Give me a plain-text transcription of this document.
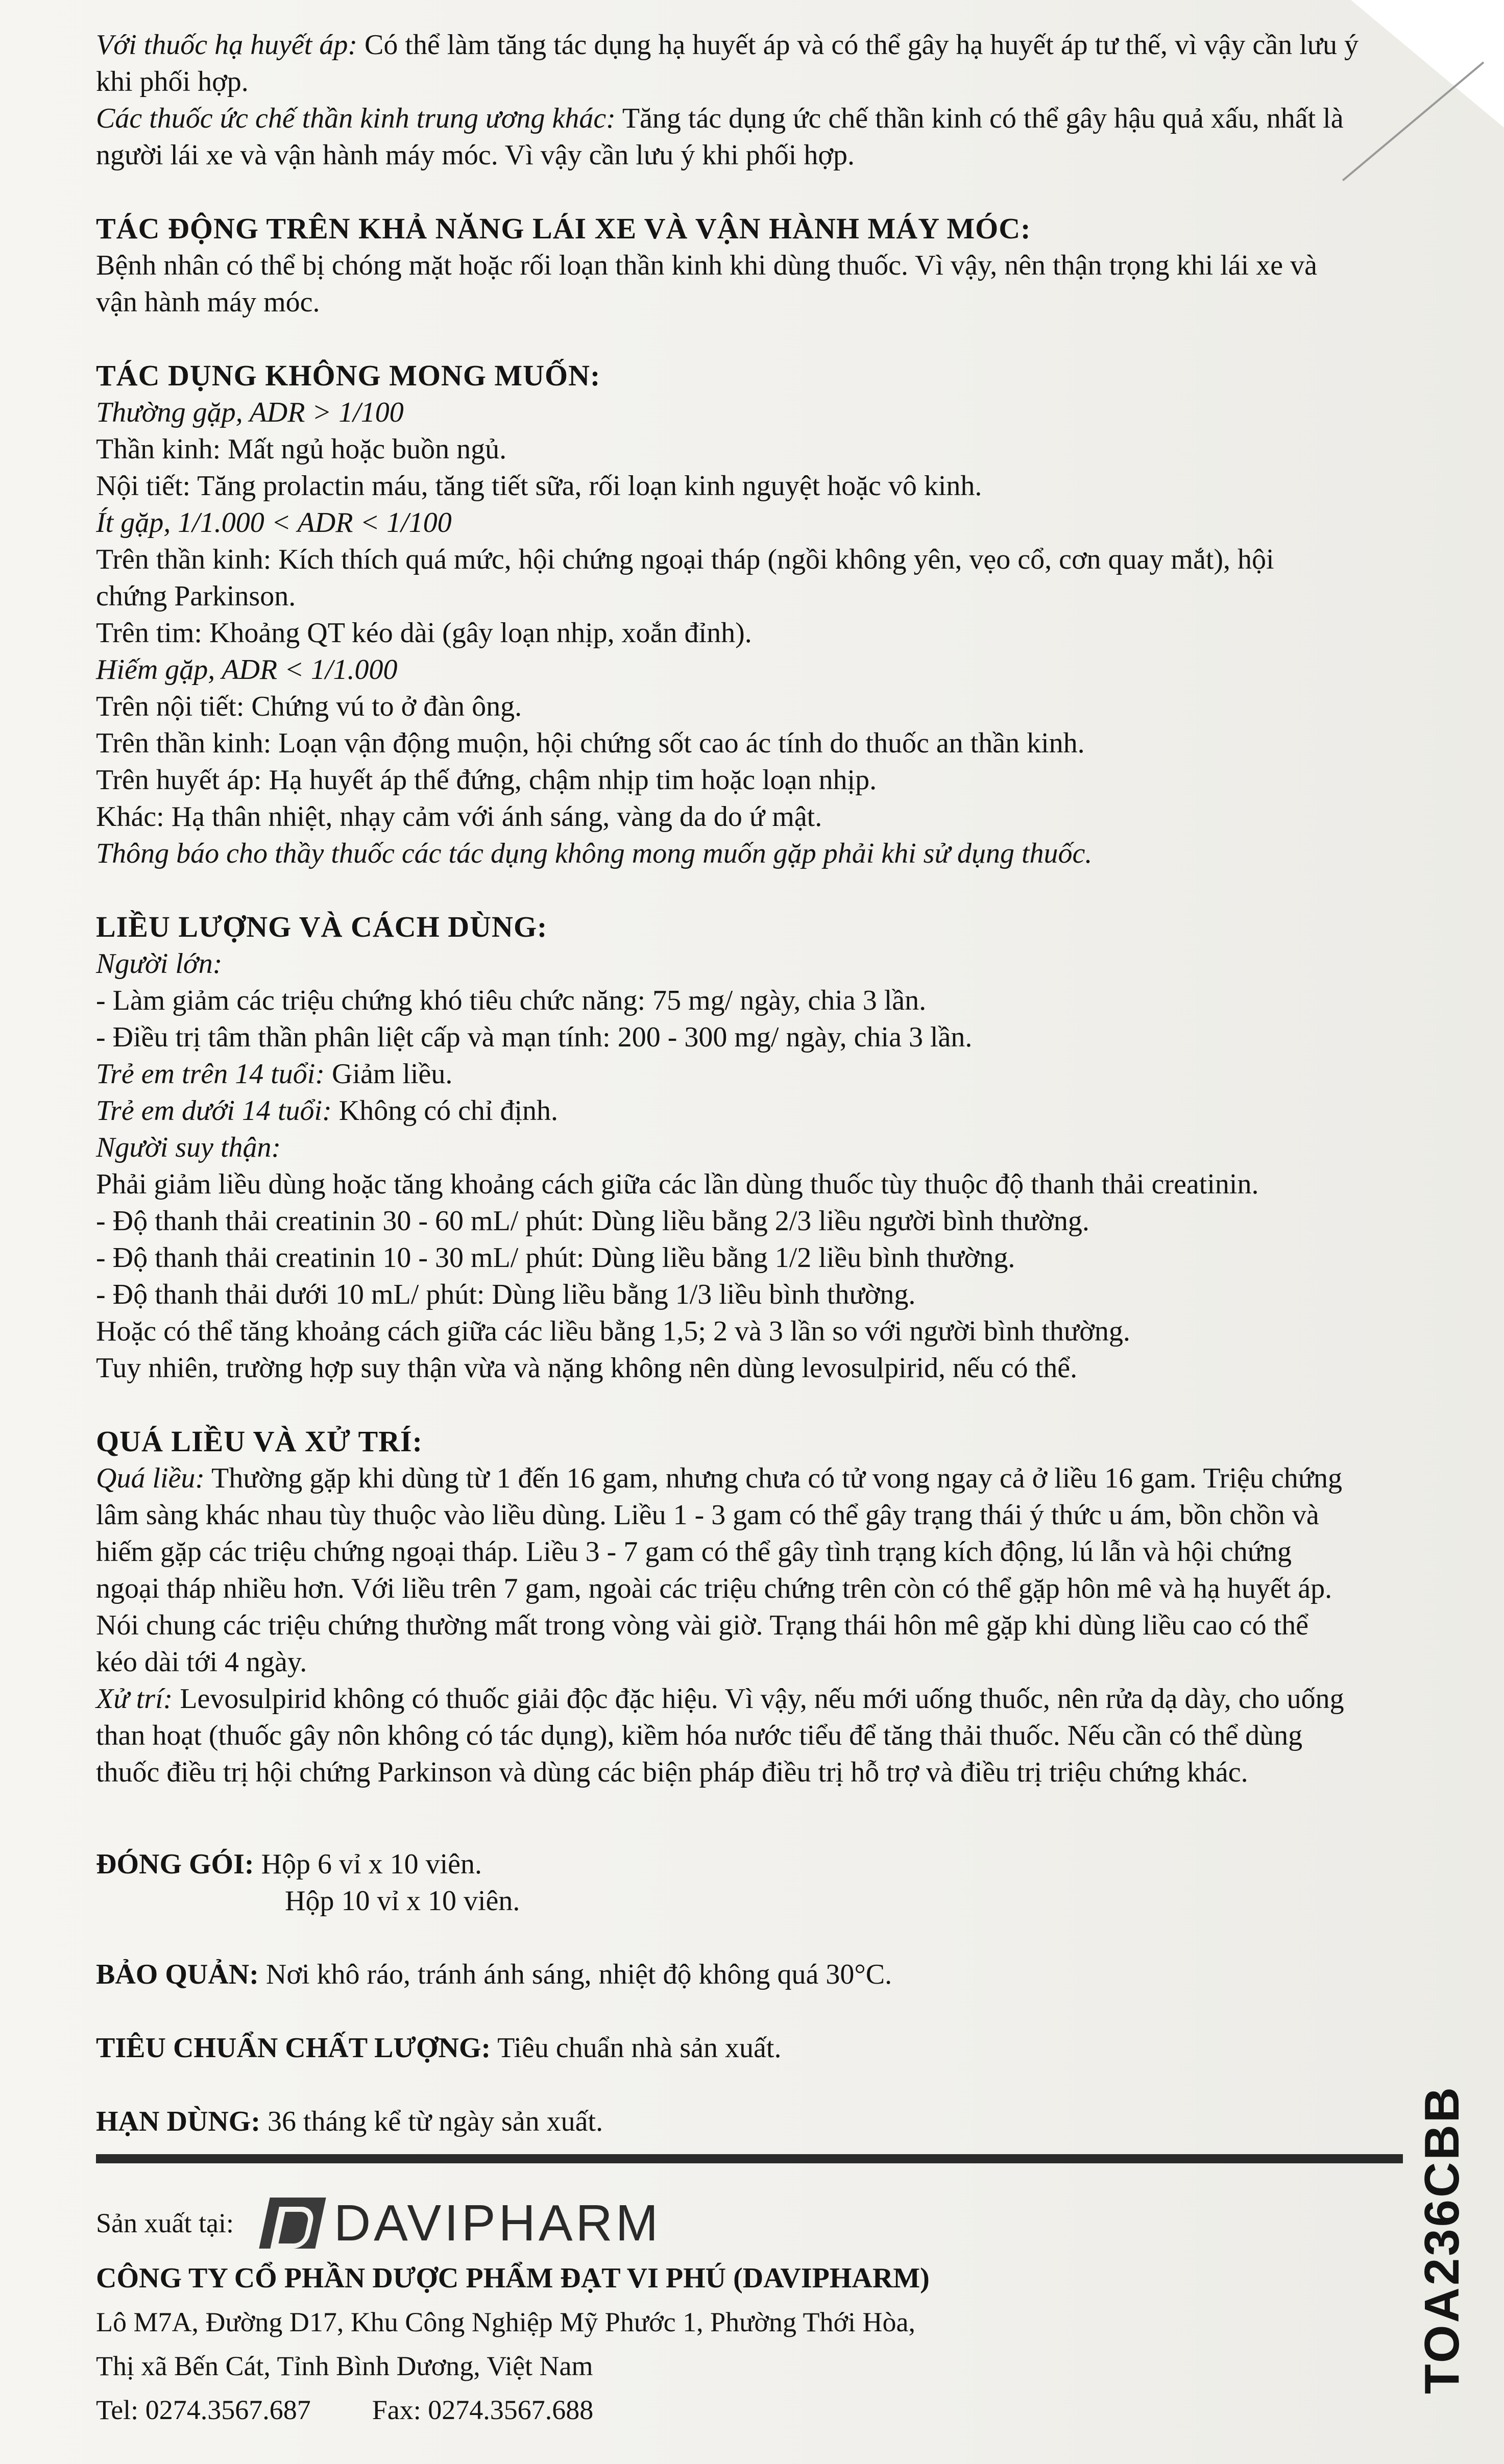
Với thuốc hạ huyết áp: Có thể làm tăng tác dụng hạ huyết áp và có thể gây hạ huyết áp tư thế, vì vậy cần lưu ý

khi phối hợp.

Các thuốc ức chế thần kinh trung ương khác: Tăng tác dụng ức chế thần kinh có thể gây hậu quả xấu, nhất là

người lái xe và vận hành máy móc. Vì vậy cần lưu ý khi phối hợp.

TÁC ĐỘNG TRÊN KHẢ NĂNG LÁI XE VÀ VẬN HÀNH MÁY MÓC:

Bệnh nhân có thể bị chóng mặt hoặc rối loạn thần kinh khi dùng thuốc. Vì vậy, nên thận trọng khi lái xe và

vận hành máy móc.

TÁC DỤNG KHÔNG MONG MUỐN:

Thường gặp, ADR > 1/100

Thần kinh: Mất ngủ hoặc buồn ngủ.

Nội tiết: Tăng prolactin máu, tăng tiết sữa, rối loạn kinh nguyệt hoặc vô kinh.

Ít gặp, 1/1.000 < ADR < 1/100

Trên thần kinh: Kích thích quá mức, hội chứng ngoại tháp (ngồi không yên, vẹo cổ, cơn quay mắt), hội

chứng Parkinson.

Trên tim: Khoảng QT kéo dài (gây loạn nhịp, xoắn đỉnh).

Hiếm gặp, ADR < 1/1.000

Trên nội tiết: Chứng vú to ở đàn ông.

Trên thần kinh: Loạn vận động muộn, hội chứng sốt cao ác tính do thuốc an thần kinh.

Trên huyết áp: Hạ huyết áp thế đứng, chậm nhịp tim hoặc loạn nhịp.

Khác: Hạ thân nhiệt, nhạy cảm với ánh sáng, vàng da do ứ mật.

Thông báo cho thầy thuốc các tác dụng không mong muốn gặp phải khi sử dụng thuốc.

LIỀU LƯỢNG VÀ CÁCH DÙNG:

Người lớn:

- Làm giảm các triệu chứng khó tiêu chức năng: 75 mg/ ngày, chia 3 lần.

- Điều trị tâm thần phân liệt cấp và mạn tính: 200 - 300 mg/ ngày, chia 3 lần.

Trẻ em trên 14 tuổi: Giảm liều.

Trẻ em dưới 14 tuổi: Không có chỉ định.

Người suy thận:

Phải giảm liều dùng hoặc tăng khoảng cách giữa các lần dùng thuốc tùy thuộc độ thanh thải creatinin.

- Độ thanh thải creatinin 30 - 60 mL/ phút: Dùng liều bằng 2/3 liều người bình thường.

- Độ thanh thải creatinin 10 - 30 mL/ phút: Dùng liều bằng 1/2 liều bình thường.

- Độ thanh thải dưới 10 mL/ phút: Dùng liều bằng 1/3 liều bình thường.

Hoặc có thể tăng khoảng cách giữa các liều bằng 1,5; 2 và 3 lần so với người bình thường.

Tuy nhiên, trường hợp suy thận vừa và nặng không nên dùng levosulpirid, nếu có thể.

QUÁ LIỀU VÀ XỬ TRÍ:

Quá liều: Thường gặp khi dùng từ 1 đến 16 gam, nhưng chưa có tử vong ngay cả ở liều 16 gam. Triệu chứng

lâm sàng khác nhau tùy thuộc vào liều dùng. Liều 1 - 3 gam có thể gây trạng thái ý thức u ám, bồn chồn và

hiếm gặp các triệu chứng ngoại tháp. Liều 3 - 7 gam có thể gây tình trạng kích động, lú lẫn và hội chứng

ngoại tháp nhiều hơn. Với liều trên 7 gam, ngoài các triệu chứng trên còn có thể gặp hôn mê và hạ huyết áp.

Nói chung các triệu chứng thường mất trong vòng vài giờ. Trạng thái hôn mê gặp khi dùng liều cao có thể

kéo dài tới 4 ngày.

Xử trí: Levosulpirid không có thuốc giải độc đặc hiệu. Vì vậy, nếu mới uống thuốc, nên rửa dạ dày, cho uống

than hoạt (thuốc gây nôn không có tác dụng), kiềm hóa nước tiểu để tăng thải thuốc. Nếu cần có thể dùng

thuốc điều trị hội chứng Parkinson và dùng các biện pháp điều trị hỗ trợ và điều trị triệu chứng khác.

ĐÓNG GÓI: Hộp 6 vỉ x 10 viên.

Hộp 10 vỉ x 10 viên.

BẢO QUẢN: Nơi khô ráo, tránh ánh sáng, nhiệt độ không quá 30°C.

TIÊU CHUẨN CHẤT LƯỢNG: Tiêu chuẩn nhà sản xuất.

HẠN DÙNG: 36 tháng kể từ ngày sản xuất.

Sản xuất tại: DAVIPHARM
CÔNG TY CỔ PHẦN DƯỢC PHẨM ĐẠT VI PHÚ (DAVIPHARM)
Lô M7A, Đường D17, Khu Công Nghiệp Mỹ Phước 1, Phường Thới Hòa,
Thị xã Bến Cát, Tỉnh Bình Dương, Việt Nam
Tel: 0274.3567.687 Fax: 0274.3567.688
TOA236CBB
